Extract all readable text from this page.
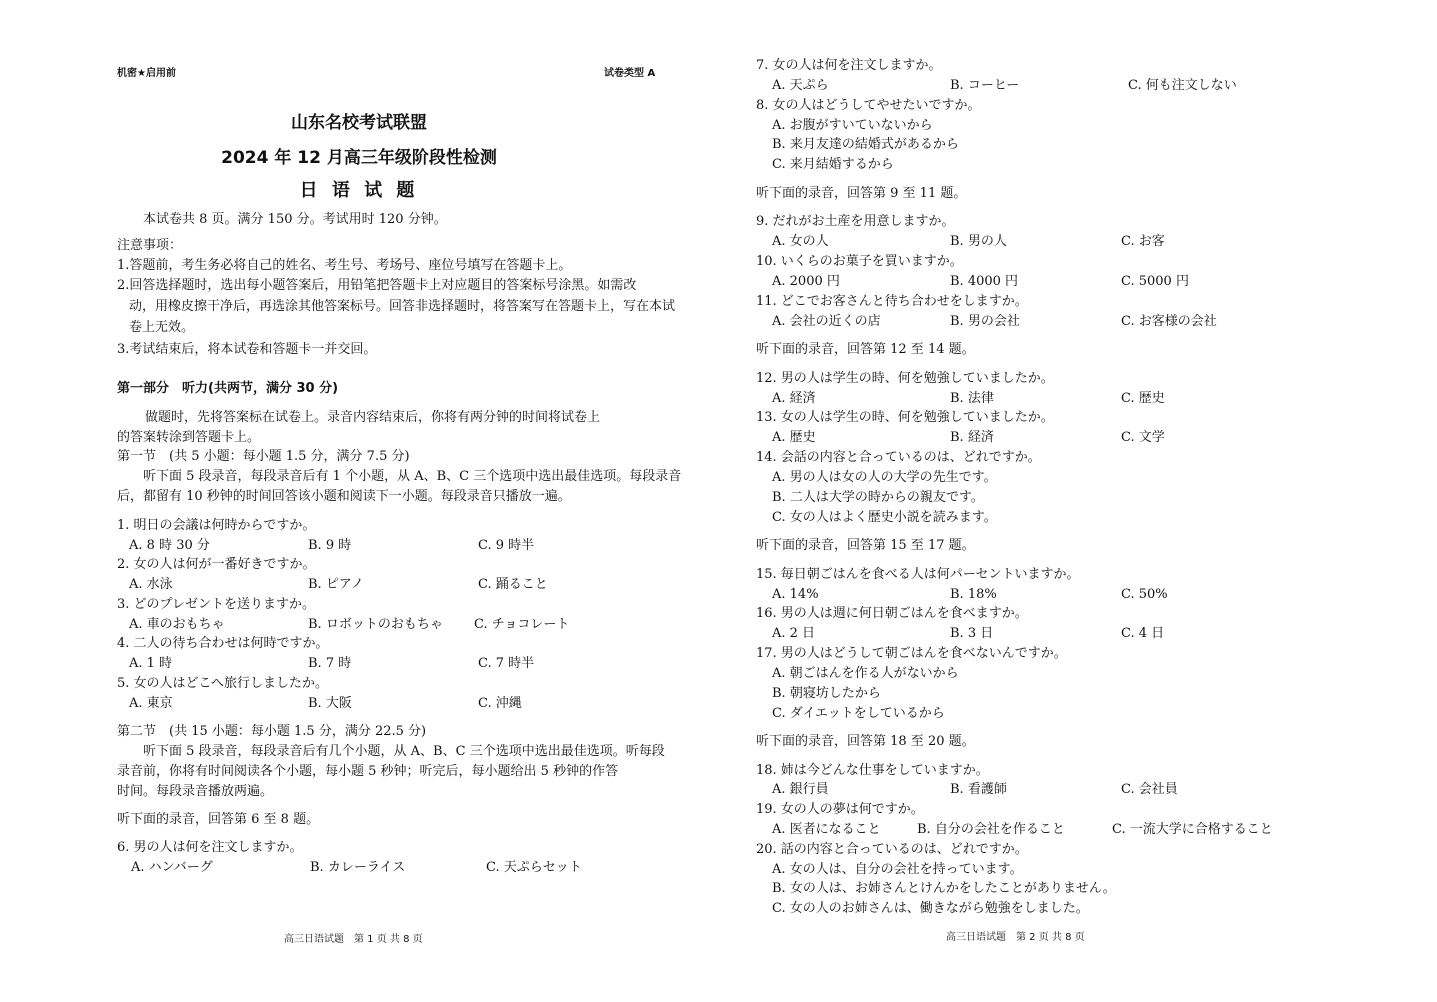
机密★启用前	试卷类型 A
山东名校考试联盟
2024 年 12 月高三年级阶段性检测
日 语 试 题
本试卷共 8 页。满分 150 分。考试用时 120 分钟。
注意事项：
1.答题前，考生务必将自己的姓名、考生号、考场号、座位号填写在答题卡上。
2.回答选择题时，选出每小题答案后，用铅笔把答题卡上对应题目的答案标号涂黑。如需改
动，用橡皮擦干净后，再选涂其他答案标号。回答非选择题时，将答案写在答题卡上，写在本试
卷上无效。
3.考试结束后，将本试卷和答题卡一并交回。
第一部分　听力(共两节，满分 30 分)
做题时，先将答案标在试卷上。录音内容结束后，你将有两分钟的时间将试卷上
的答案转涂到答题卡上。
第一节　(共 5 小题：每小题 1.5 分，满分 7.5 分)
听下面 5 段录音，每段录音后有 1 个小题，从 A、B、C 三个选项中选出最佳选项。每段录音
后，都留有 10 秒钟的时间回答该小题和阅读下一小题。每段录音只播放一遍。
1. 明日の会議は何時からですか。
A. 8 時 30 分	B. 9 時	C. 9 時半
2. 女の人は何が一番好きですか。
A. 水泳	B. ピアノ	C. 踊ること
3. どのプレゼントを送りますか。
A. 車のおもちゃ	B. ロボットのおもちゃ C. チョコレート
4. 二人の待ち合わせは何時ですか。
A. 1 時	B. 7 時	C. 7 時半
5. 女の人はどこへ旅行しましたか。
A. 東京	B. 大阪	C. 沖縄
第二节　(共 15 小题：每小题 1.5 分，满分 22.5 分)
听下面 5 段录音，每段录音后有几个小题，从 A、B、C 三个选项中选出最佳选项。听每段
录音前，你将有时间阅读各个小题，每小题 5 秒钟；听完后，每小题给出 5 秒钟的作答
时间。每段录音播放两遍。
听下面的录音，回答第 6 至 8 题。
6. 男の人は何を注文しますか。
A. ハンバーグ	B. カレーライス	C. 天ぷらセット
高三日语试题　第 1 页 共 8 页
7. 女の人は何を注文しますか。
A. 天ぷら	B. コーヒー	C. 何も注文しない
8. 女の人はどうしてやせたいですか。
A. お腹がすいていないから
B. 来月友達の結婚式があるから
C. 来月結婚するから
听下面的录音，回答第 9 至 11 题。
9. だれがお土産を用意しますか。
A. 女の人	B. 男の人	C. お客
10. いくらのお菓子を買いますか。
A. 2000 円	B. 4000 円	C. 5000 円
11. どこでお客さんと待ち合わせをしますか。
A. 会社の近くの店	B. 男の会社	C. お客様の会社
听下面的录音，回答第 12 至 14 题。
12. 男の人は学生の時、何を勉強していましたか。
A. 経済	B. 法律	C. 歴史
13. 女の人は学生の時、何を勉強していましたか。
A. 歴史	B. 経済	C. 文学
14. 会話の内容と合っているのは、どれですか。
A. 男の人は女の人の大学の先生です。
B. 二人は大学の時からの親友です。
C. 女の人はよく歴史小説を読みます。
听下面的录音，回答第 15 至 17 题。
15. 毎日朝ごはんを食べる人は何パーセントいますか。
A. 14%	B. 18%	C. 50%
16. 男の人は週に何日朝ごはんを食べますか。
A. 2 日	B. 3 日	C. 4 日
17. 男の人はどうして朝ごはんを食べないんですか。
A. 朝ごはんを作る人がないから
B. 朝寝坊したから
C. ダイエットをしているから
听下面的录音，回答第 18 至 20 题。
18. 姉は今どんな仕事をしていますか。
A. 銀行員	B. 看護師	C. 会社員
19. 女の人の夢は何ですか。
A. 医者になること	B. 自分の会社を作ること	C. 一流大学に合格すること
20. 話の内容と合っているのは、どれですか。
A. 女の人は、自分の会社を持っています。
B. 女の人は、お姉さんとけんかをしたことがありません。
C. 女の人のお姉さんは、働きながら勉強をしました。
高三日语试题　第 2 页 共 8 页
